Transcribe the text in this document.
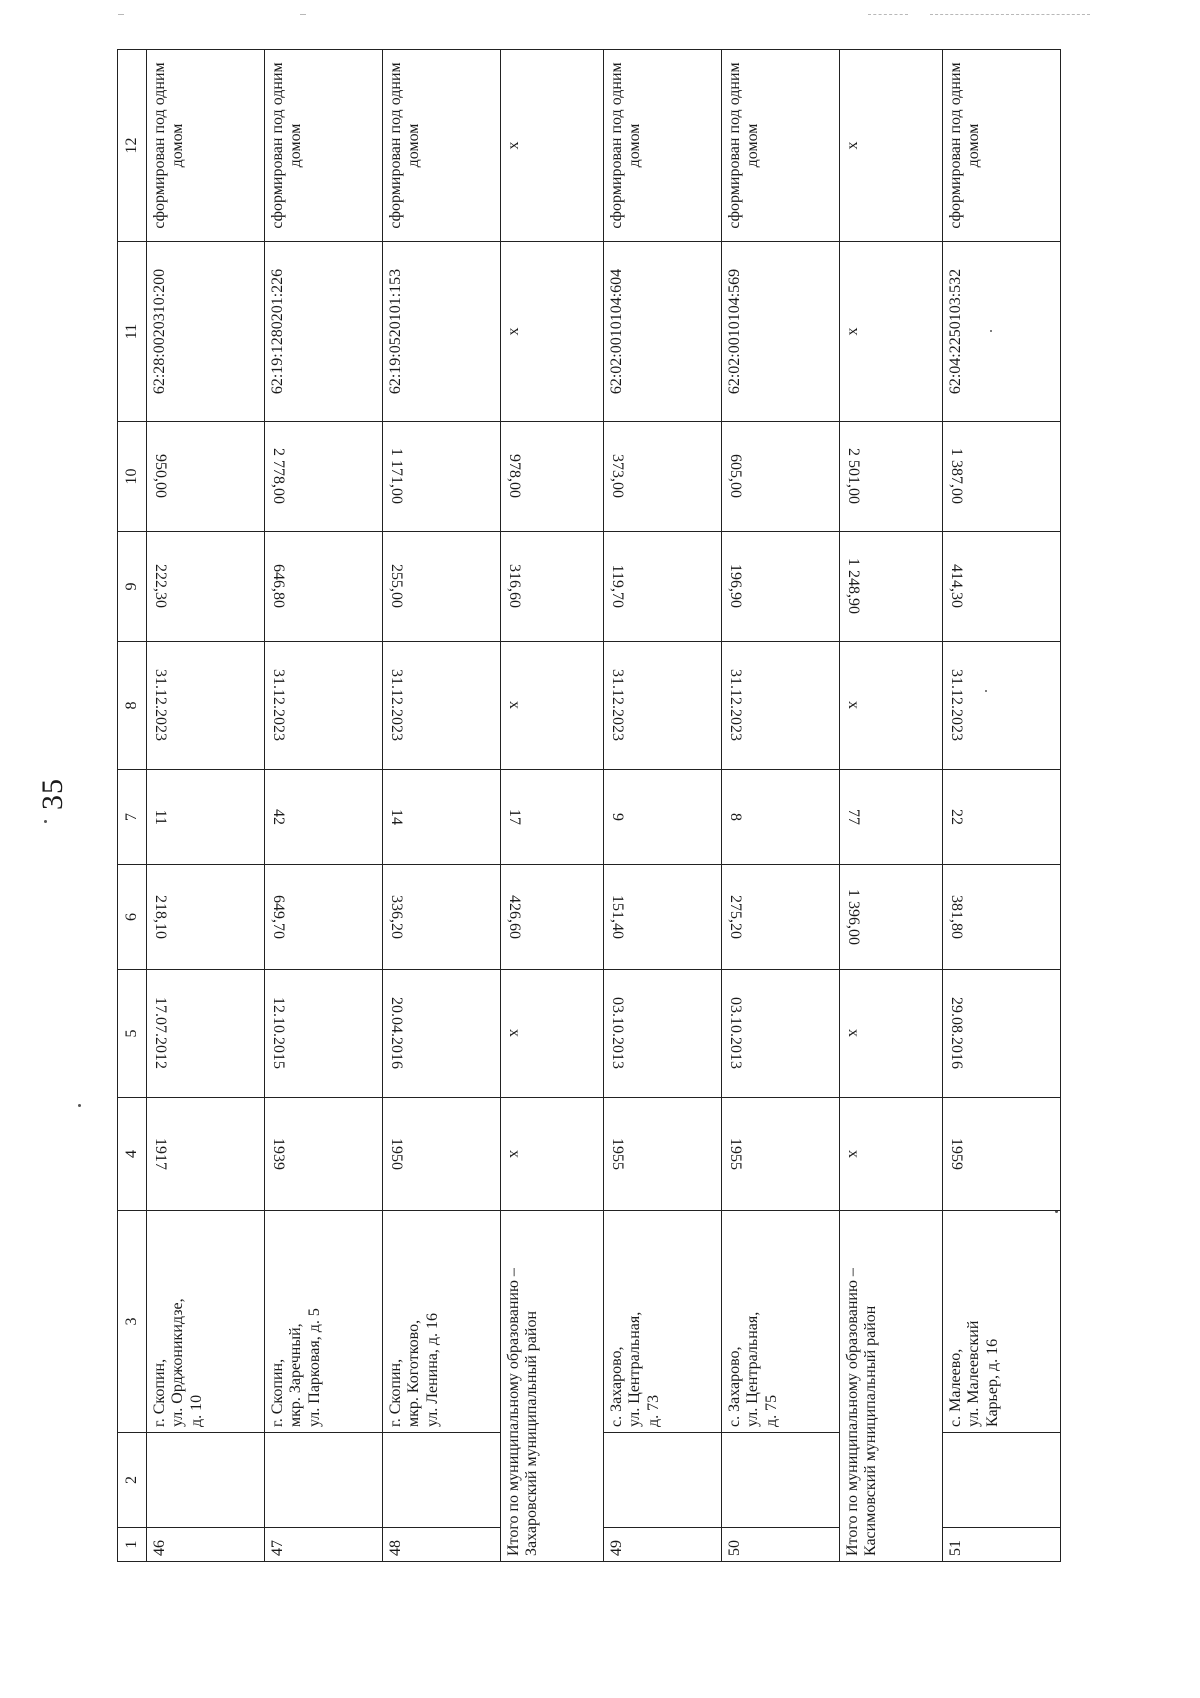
35
1	2	3	4	5	6	7	8	9	10	11	12
46		г. Скопин,
ул. Орджоникидзе,
д. 10	1917	17.07.2012	218,10	11	31.12.2023	222,30	950,00	62:28:0020310:200	сформирован под одним домом
47		г. Скопин,
мкр. Заречный,
ул. Парковая, д. 5	1939	12.10.2015	649,70	42	31.12.2023	646,80	2 778,00	62:19:1280201:226	сформирован под одним домом
48		г. Скопин,
мкр. Коготково,
ул. Ленина, д. 16	1950	20.04.2016	336,20	14	31.12.2023	255,00	1 171,00	62:19:0520101:153	сформирован под одним домом
Итого по муниципальному образованию – Захаровский муниципальный район			х	х	426,60	17	х	316,60	978,00	х	х
49		с. Захарово,
ул. Центральная,
д. 73	1955	03.10.2013	151,40	9	31.12.2023	119,70	373,00	62:02:0010104:604	сформирован под одним домом
50		с. Захарово,
ул. Центральная,
д. 75	1955	03.10.2013	275,20	8	31.12.2023	196,90	605,00	62:02:0010104:569	сформирован под одним домом
Итого по муниципальному образованию – Касимовский муниципальный район			х	х	1 396,00	77	х	1 248,90	2 501,00	х	х
51		с. Малеево,
ул. Малеевский
Карьер, д. 16	1959	29.08.2016	381,80	22	31.12.2023	414,30	1 387,00	62:04:2250103:532	сформирован под одним домом
